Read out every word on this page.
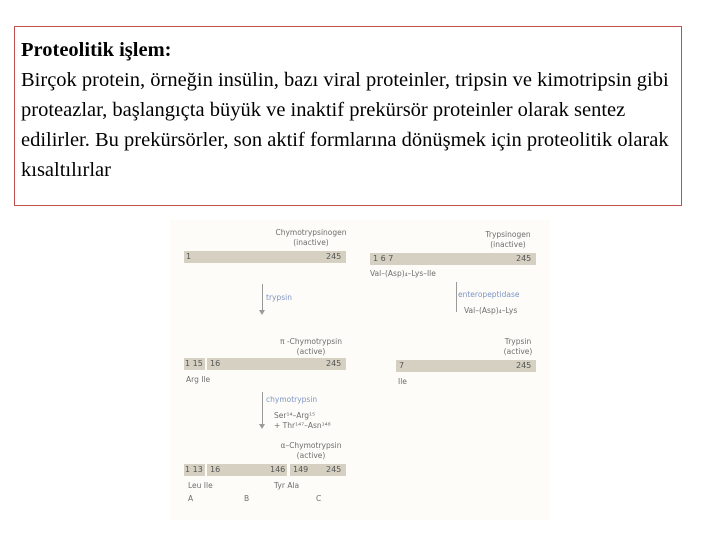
Proteolitik işlem:
Birçok protein, örneğin insülin, bazı viral proteinler, tripsin ve kimotripsin gibi proteazlar, başlangıçta büyük ve inaktif prekürsör proteinler olarak sentez edilirler. Bu prekürsörler, son aktif formlarına dönüşmek için proteolitik olarak kısaltılırlar
Chymotrypsinogen
(inactive)
1	245
trypsin
π -Chymotrypsin
(active)
1 15 16	245
Arg Ile
chymotrypsin
Ser¹⁴–Arg¹⁵
+ Thr¹⁴⁷–Asn¹⁴⁸
α–Chymotrypsin
(active)
1 13 16	146 149 245
Leu Ile	Tyr Ala
A	B	C
Trypsinogen
(inactive)
1 6 7	245
Val–(Asp)₄–Lys–Ile
enteropeptidase
Val–(Asp)₄–Lys
Trypsin
(active)
7	245
Ile
